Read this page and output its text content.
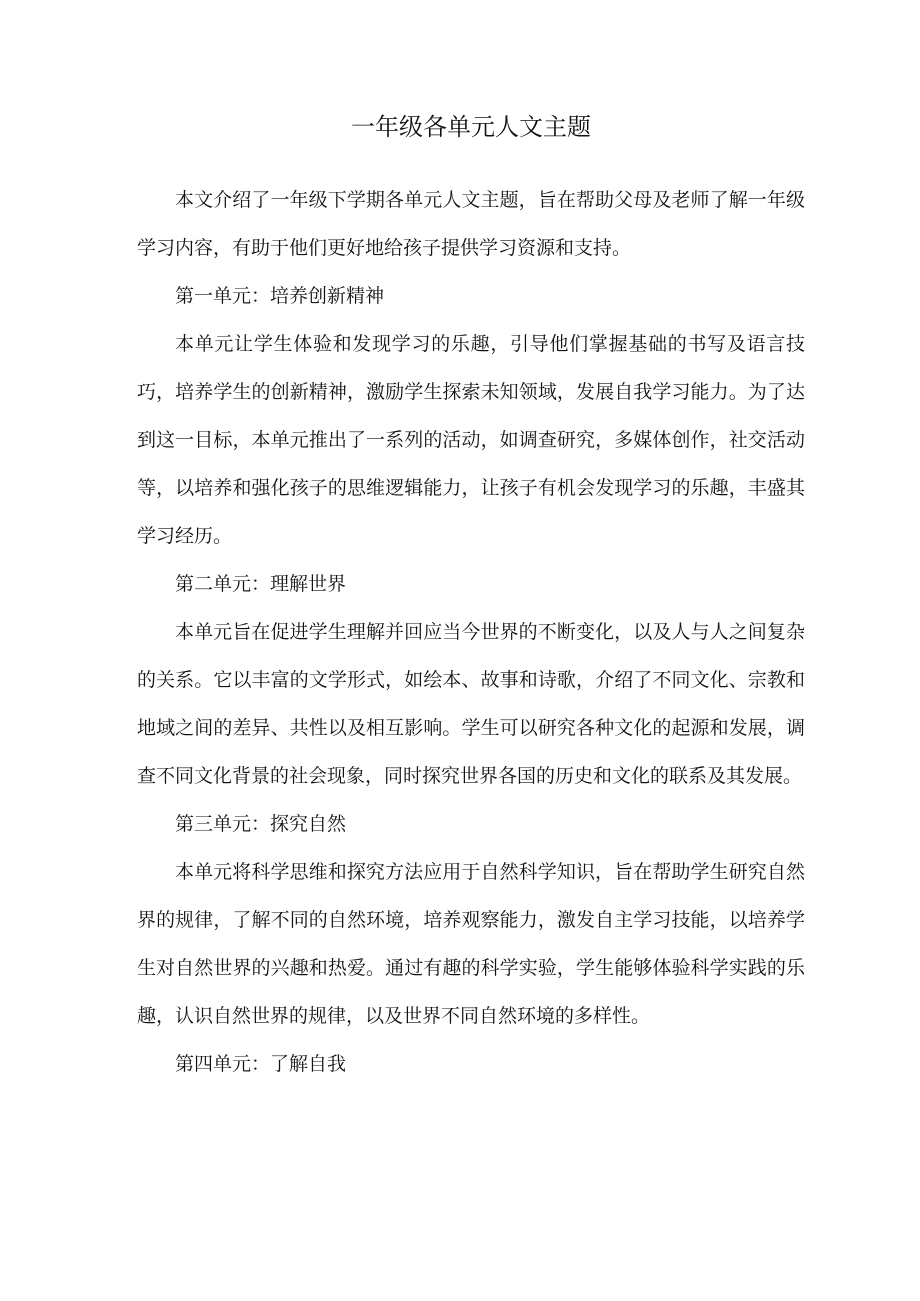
一年级各单元人文主题

本文介绍了一年级下学期各单元人文主题，旨在帮助父母及老师了解一年级学习内容，有助于他们更好地给孩子提供学习资源和支持。

第一单元：培养创新精神

本单元让学生体验和发现学习的乐趣，引导他们掌握基础的书写及语言技巧，培养学生的创新精神，激励学生探索未知领域，发展自我学习能力。为了达到这一目标，本单元推出了一系列的活动，如调查研究，多媒体创作，社交活动等，以培养和强化孩子的思维逻辑能力，让孩子有机会发现学习的乐趣，丰盛其学习经历。

第二单元：理解世界

本单元旨在促进学生理解并回应当今世界的不断变化，以及人与人之间复杂的关系。它以丰富的文学形式，如绘本、故事和诗歌，介绍了不同文化、宗教和地域之间的差异、共性以及相互影响。学生可以研究各种文化的起源和发展，调查不同文化背景的社会现象，同时探究世界各国的历史和文化的联系及其发展。

第三单元：探究自然

本单元将科学思维和探究方法应用于自然科学知识，旨在帮助学生研究自然界的规律，了解不同的自然环境，培养观察能力，激发自主学习技能，以培养学生对自然世界的兴趣和热爱。通过有趣的科学实验，学生能够体验科学实践的乐趣，认识自然世界的规律，以及世界不同自然环境的多样性。

第四单元：了解自我
